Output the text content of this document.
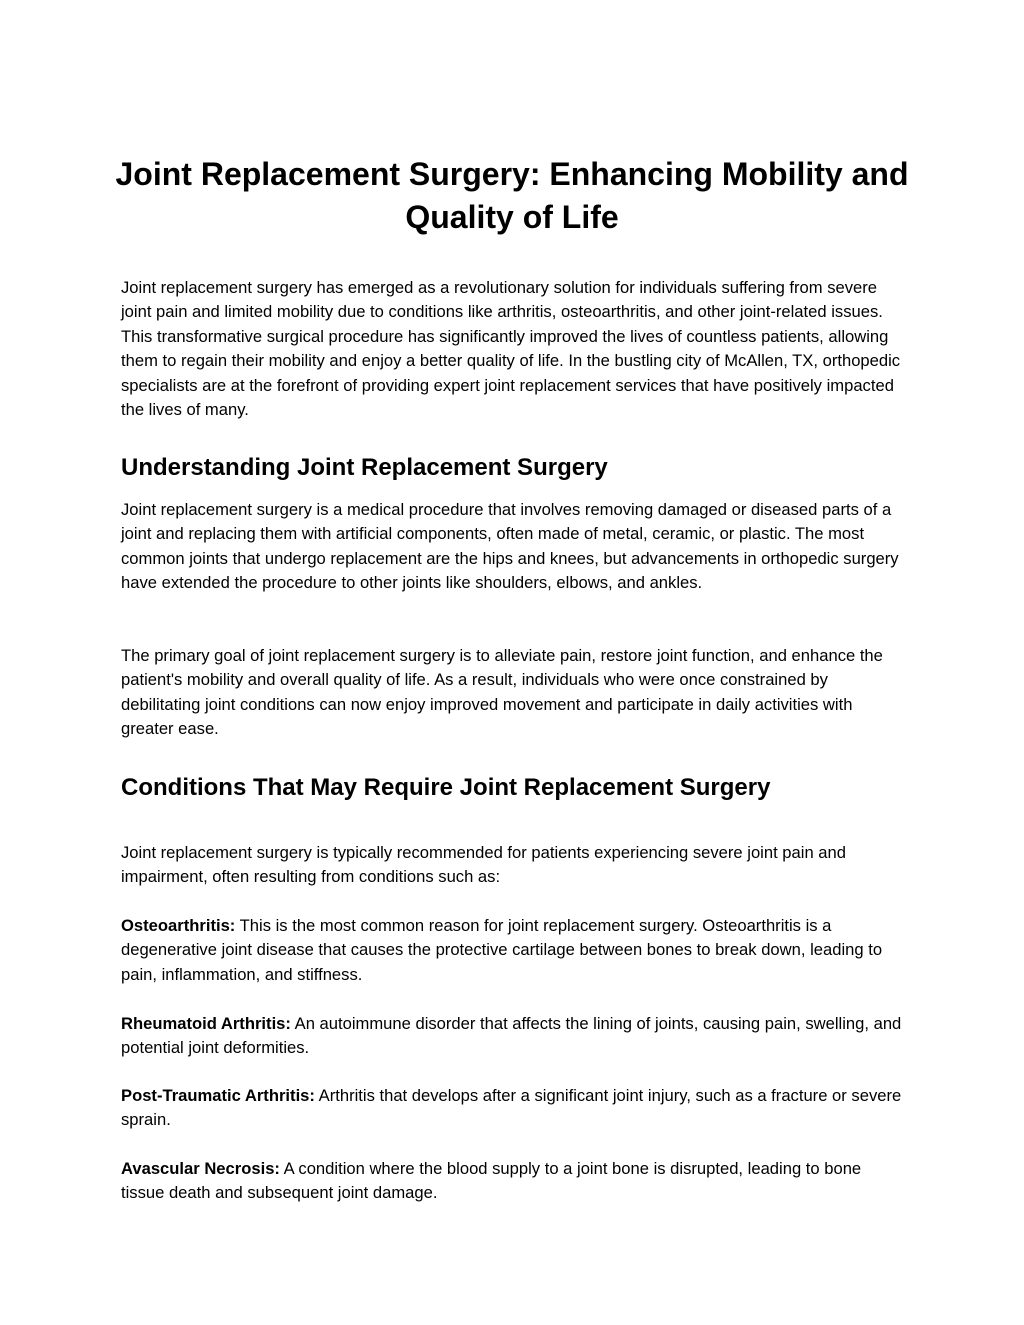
Joint Replacement Surgery: Enhancing Mobility and Quality of Life

Joint replacement surgery has emerged as a revolutionary solution for individuals suffering from severe joint pain and limited mobility due to conditions like arthritis, osteoarthritis, and other joint-related issues. This transformative surgical procedure has significantly improved the lives of countless patients, allowing them to regain their mobility and enjoy a better quality of life. In the bustling city of McAllen, TX, orthopedic specialists are at the forefront of providing expert joint replacement services that have positively impacted the lives of many.

Understanding Joint Replacement Surgery

Joint replacement surgery is a medical procedure that involves removing damaged or diseased parts of a joint and replacing them with artificial components, often made of metal, ceramic, or plastic. The most common joints that undergo replacement are the hips and knees, but advancements in orthopedic surgery have extended the procedure to other joints like shoulders, elbows, and ankles.

The primary goal of joint replacement surgery is to alleviate pain, restore joint function, and enhance the patient's mobility and overall quality of life. As a result, individuals who were once constrained by debilitating joint conditions can now enjoy improved movement and participate in daily activities with greater ease.

Conditions That May Require Joint Replacement Surgery

Joint replacement surgery is typically recommended for patients experiencing severe joint pain and impairment, often resulting from conditions such as:

Osteoarthritis: This is the most common reason for joint replacement surgery. Osteoarthritis is a degenerative joint disease that causes the protective cartilage between bones to break down, leading to pain, inflammation, and stiffness.

Rheumatoid Arthritis: An autoimmune disorder that affects the lining of joints, causing pain, swelling, and potential joint deformities.

Post-Traumatic Arthritis: Arthritis that develops after a significant joint injury, such as a fracture or severe sprain.

Avascular Necrosis: A condition where the blood supply to a joint bone is disrupted, leading to bone tissue death and subsequent joint damage.
